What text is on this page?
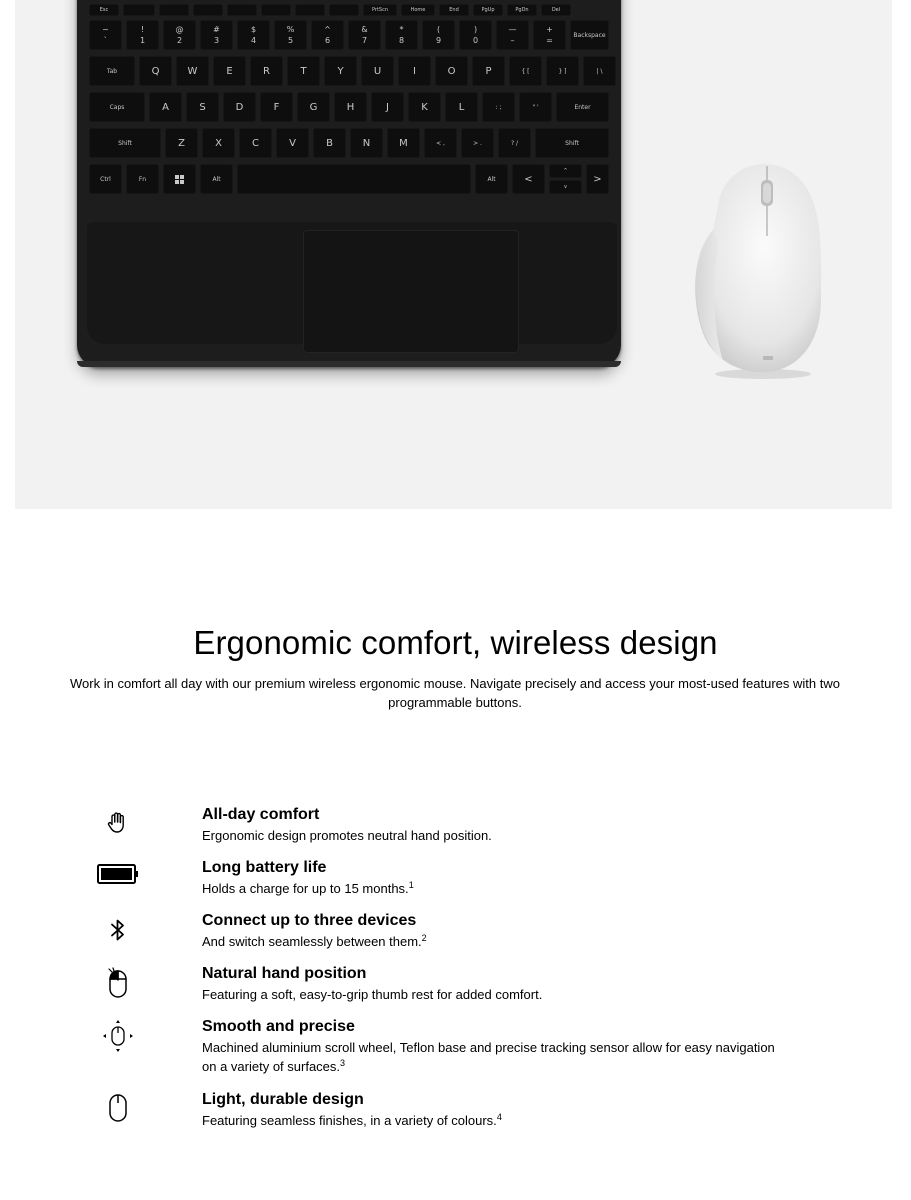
Esc	PrtScn	Home	End	PgUp	PgDn	Del
~
`
!
1
@
2
#
3
$
4
%
5
^
6
&
7
*
8
(
9
)
0
—
–
+
=
Backspace
Tab	Q	W	E	R	T	Y	U	I	O	P	{ [	} ]	| \
Caps	A	S	D	F	G	H	J	K	L	: ;	" '	Enter
Shift	Z	X	C	V	B	N	M	< ,	> .	? /	Shift
Ctrl	Fn	Alt	Alt	<
^
v
>
Ergonomic comfort, wireless design

Work in comfort all day with our premium wireless ergonomic mouse. Navigate precisely and access your most-used features with two programmable buttons.

All-day comfort
Ergonomic design promotes neutral hand position.
Long battery life
Holds a charge for up to 15 months.$^1$
Connect up to three devices
And switch seamlessly between them.$^2$
Natural hand position
Featuring a soft, easy-to-grip thumb rest for added comfort.
Smooth and precise
Machined aluminium scroll wheel, Teflon base and precise tracking sensor allow for easy navigation on a variety of surfaces.$^3$
Light, durable design
Featuring seamless finishes, in a variety of colours.$^4$
